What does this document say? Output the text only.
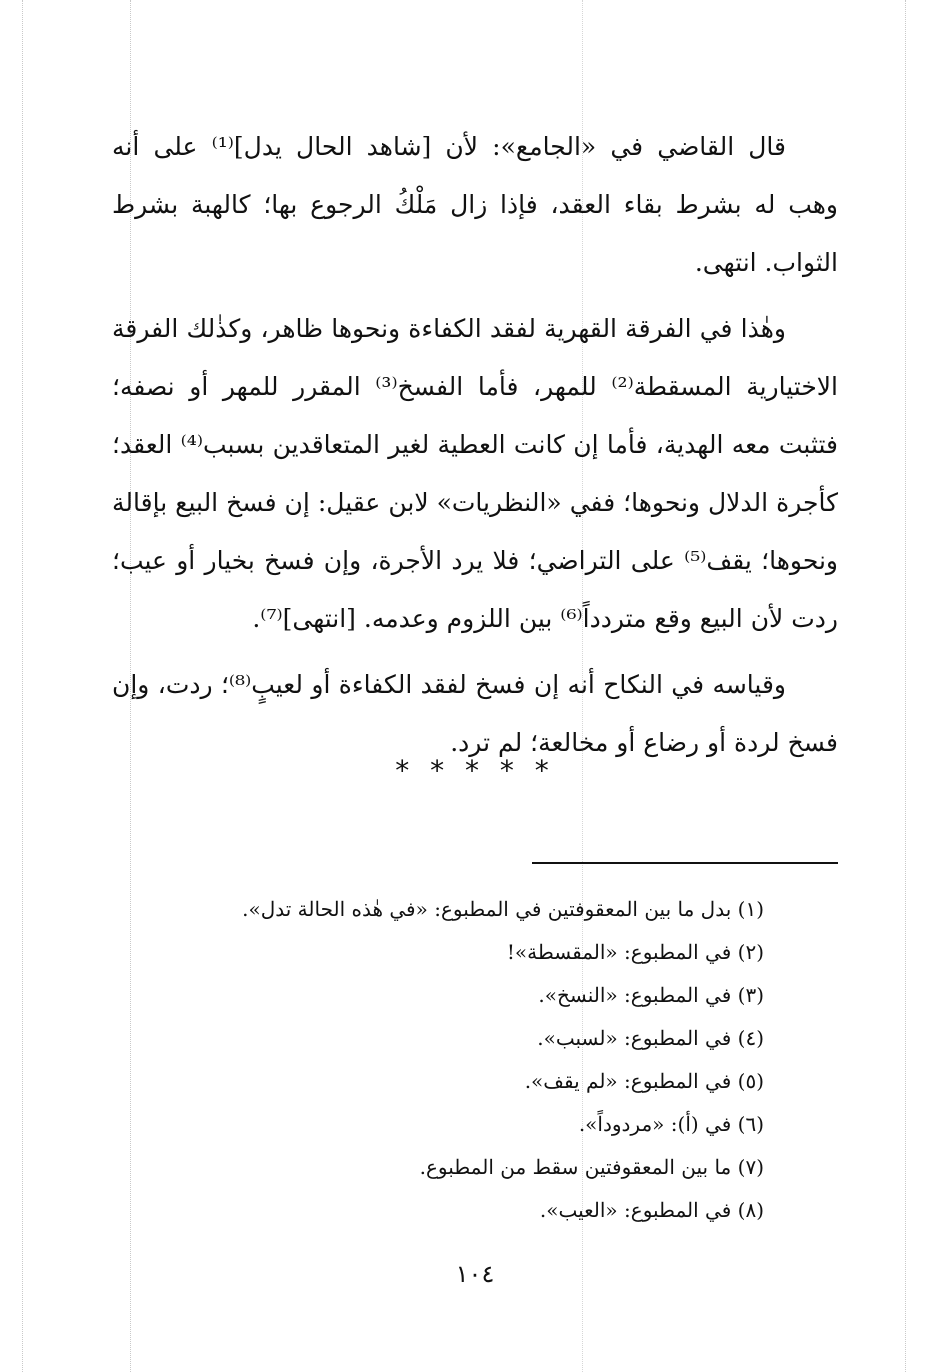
قال القاضي في «الجامع»: لأن [شاهد الحال يدل]⁽¹⁾ على أنه وهب له بشرط بقاء العقد، فإذا زال مَلْكُ الرجوع بها؛ كالهبة بشرط الثواب. انتهى.

وهٰذا في الفرقة القهرية لفقد الكفاءة ونحوها ظاهر، وكذٰلك الفرقة الاختيارية المسقطة⁽²⁾ للمهر، فأما الفسخ⁽³⁾ المقرر للمهر أو نصفه؛ فتثبت معه الهدية، فأما إن كانت العطية لغير المتعاقدين بسبب⁽⁴⁾ العقد؛ كأجرة الدلال ونحوها؛ ففي «النظريات» لابن عقيل: إن فسخ البيع بإقالة ونحوها؛ يقف⁽⁵⁾ على التراضي؛ فلا يرد الأجرة، وإن فسخ بخيار أو عيب؛ ردت لأن البيع وقع متردداً⁽⁶⁾ بين اللزوم وعدمه. [انتهى]⁽⁷⁾.

وقياسه في النكاح أنه إن فسخ لفقد الكفاءة أو لعيبٍ⁽⁸⁾؛ ردت، وإن فسخ لردة أو رضاع أو مخالعة؛ لم ترد.

* * * * *
(١) بدل ما بين المعقوفتين في المطبوع: «في هٰذه الحالة تدل».
(٢) في المطبوع: «المقسطة»!
(٣) في المطبوع: «النسخ».
(٤) في المطبوع: «لسبب».
(٥) في المطبوع: «لم يقف».
(٦) في (أ): «مردوداً».
(٧) ما بين المعقوفتين سقط من المطبوع.
(٨) في المطبوع: «العيب».
١٠٤
